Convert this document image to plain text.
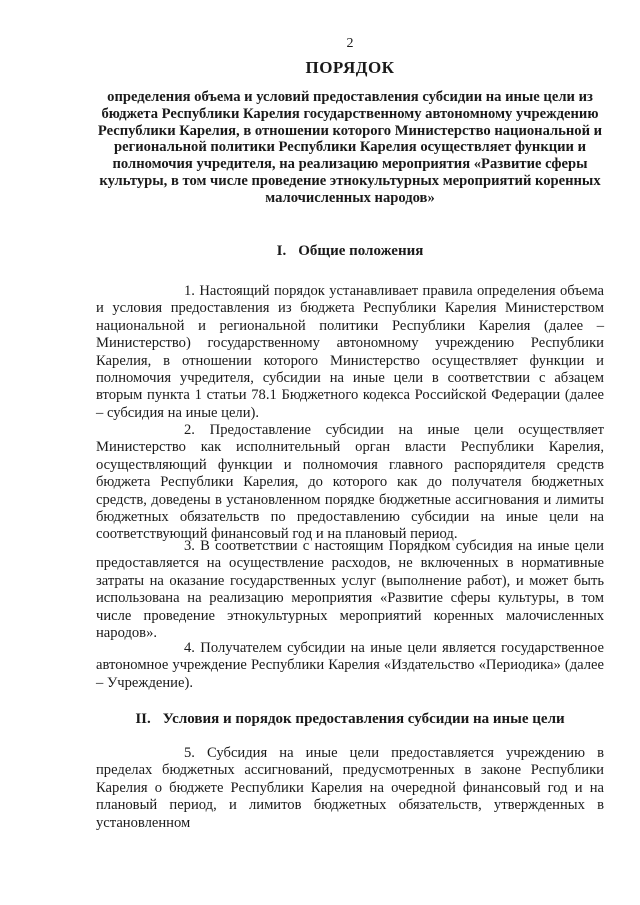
2
ПОРЯДОК
определения объема и условий предоставления субсидии на иные цели из бюджета Республики Карелия государственному автономному учреждению Республики Карелия, в отношении которого Министерство национальной и региональной политики Республики Карелия осуществляет функции и полномочия учредителя, на реализацию мероприятия «Развитие сферы культуры, в том числе проведение этнокультурных мероприятий коренных малочисленных народов»
I. Общие положения
1. Настоящий порядок устанавливает правила определения объема и условия предоставления из бюджета Республики Карелия Министерством национальной и региональной политики Республики Карелия (далее – Министерство) государственному автономному учреждению Республики Карелия, в отношении которого Министерство осуществляет функции и полномочия учредителя, субсидии на иные цели в соответствии с абзацем вторым пункта 1 статьи 78.1 Бюджетного кодекса Российской Федерации (далее – субсидия на иные цели).
2. Предоставление субсидии на иные цели осуществляет Министерство как исполнительный орган власти Республики Карелия, осуществляющий функции и полномочия главного распорядителя средств бюджета Республики Карелия, до которого как до получателя бюджетных средств, доведены в установленном порядке бюджетные ассигнования и лимиты бюджетных обязательств по предоставлению субсидии на иные цели на соответствующий финансовый год и на плановый период.
3. В соответствии с настоящим Порядком субсидия на иные цели предоставляется на осуществление расходов, не включенных в нормативные затраты на оказание государственных услуг (выполнение работ), и может быть использована на реализацию мероприятия «Развитие сферы культуры, в том числе проведение этнокультурных мероприятий коренных малочисленных народов».
4. Получателем субсидии на иные цели является государственное автономное учреждение Республики Карелия «Издательство «Периодика» (далее – Учреждение).
II. Условия и порядок предоставления субсидии на иные цели
5. Субсидия на иные цели предоставляется учреждению в пределах бюджетных ассигнований, предусмотренных в законе Республики Карелия о бюджете Республики Карелия на очередной финансовый год и на плановый период, и лимитов бюджетных обязательств, утвержденных в установленном
